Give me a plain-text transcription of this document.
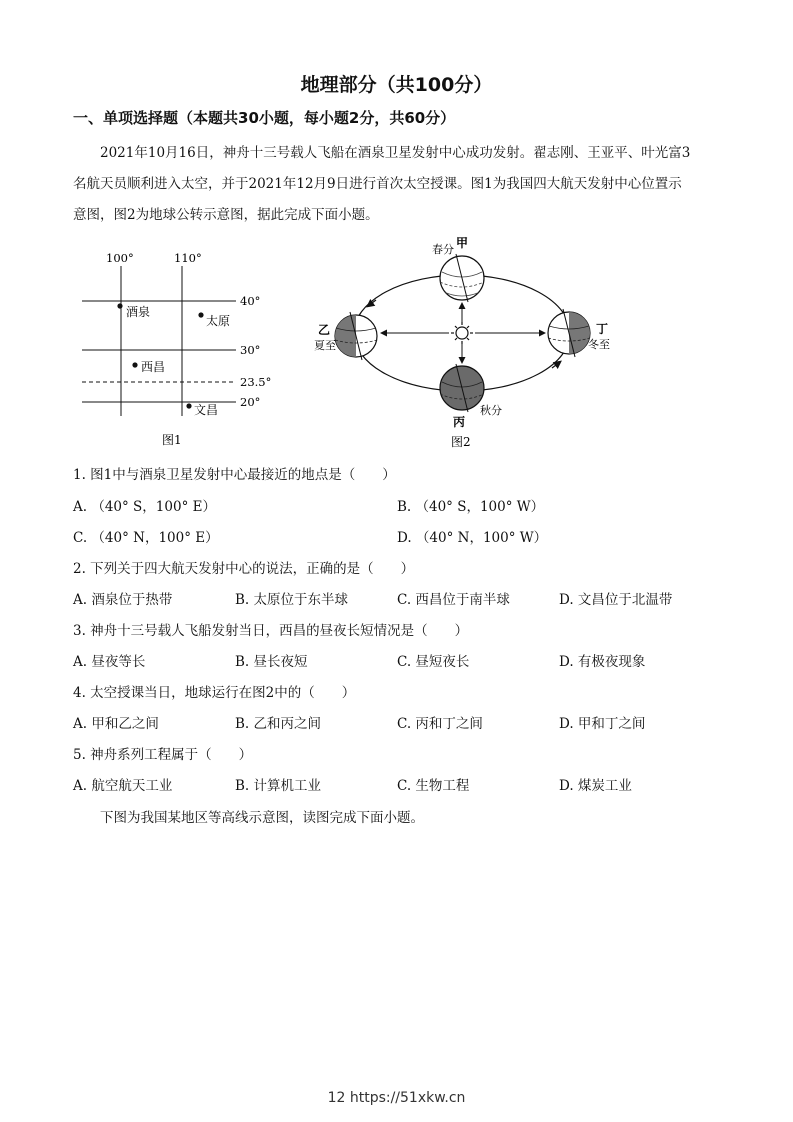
地理部分（共100分）
一、单项选择题（本题共30小题，每小题2分，共60分）

2021年10月16日，神舟十三号载人飞船在酒泉卫星发射中心成功发射。翟志刚、王亚平、叶光富3

名航天员顺利进入太空，并于2021年12月9日进行首次太空授课。图1为我国四大航天发射中心位置示

意图，图2为地球公转示意图，据此完成下面小题。

100°	110°
40°
30°
23.5°
20°
酒泉
太原
西昌
文昌
图1
春分 甲
乙
夏至
丁
冬至
秋分
丙
图2
1. 图1中与酒泉卫星发射中心最接近的地点是（　　）
A. （40° S，100° E）	B. （40° S，100° W）
C. （40° N，100° E）	D. （40° N，100° W）
2. 下列关于四大航天发射中心的说法，正确的是（　　）
A. 酒泉位于热带	B. 太原位于东半球	C. 西昌位于南半球	D. 文昌位于北温带
3. 神舟十三号载人飞船发射当日，西昌的昼夜长短情况是（　　）
A. 昼夜等长	B. 昼长夜短	C. 昼短夜长	D. 有极夜现象
4. 太空授课当日，地球运行在图2中的（　　）
A. 甲和乙之间	B. 乙和丙之间	C. 丙和丁之间	D. 甲和丁之间
5. 神舟系列工程属于（　　）
A. 航空航天工业	B. 计算机工业	C. 生物工程	D. 煤炭工业
下图为我国某地区等高线示意图，读图完成下面小题。
12 https://51xkw.cn
